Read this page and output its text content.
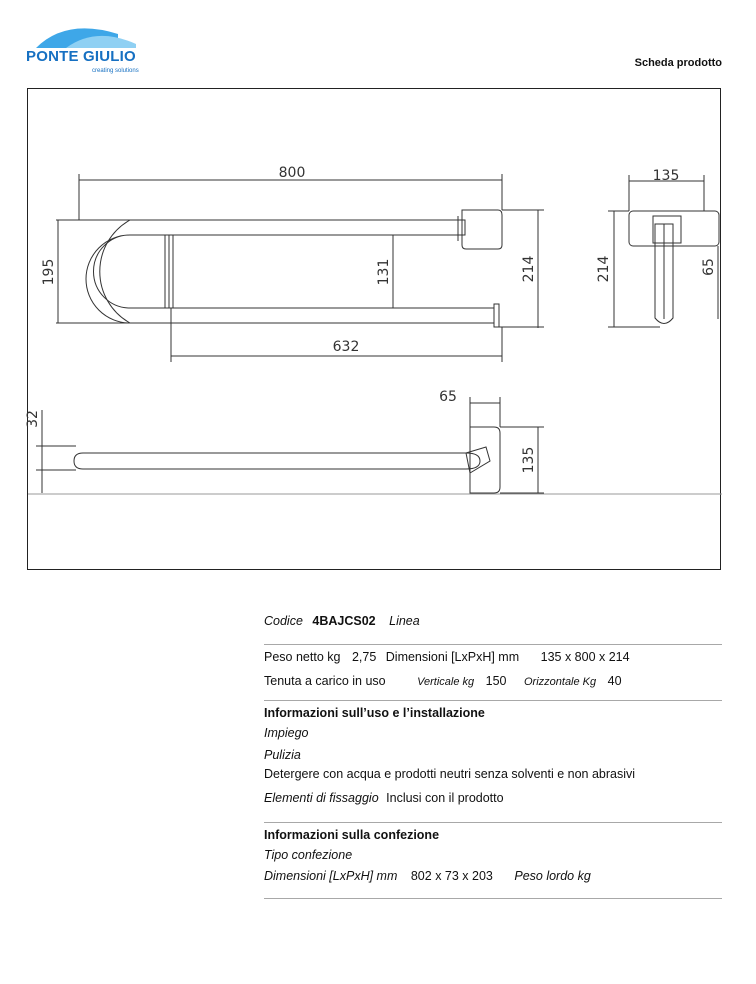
PONTE GIULIO
creating solutions
Scheda prodotto
800
195	131	214
632
135
214	65
65
32
135
Codice 4BAJCS02 Linea
Peso netto kg 2,75 Dimensioni [LxPxH] mm 135 x 800 x 214
Tenuta a carico in uso	Verticale kg 150 Orizzontale Kg 40
Informazioni sull’uso e l’installazione
Impiego
Pulizia
Detergere con acqua e prodotti neutri senza solventi e non abrasivi
Elementi di fissaggio Inclusi con il prodotto
Informazioni sulla confezione
Tipo confezione
Dimensioni [LxPxH] mm 802 x 73 x 203 Peso lordo kg
